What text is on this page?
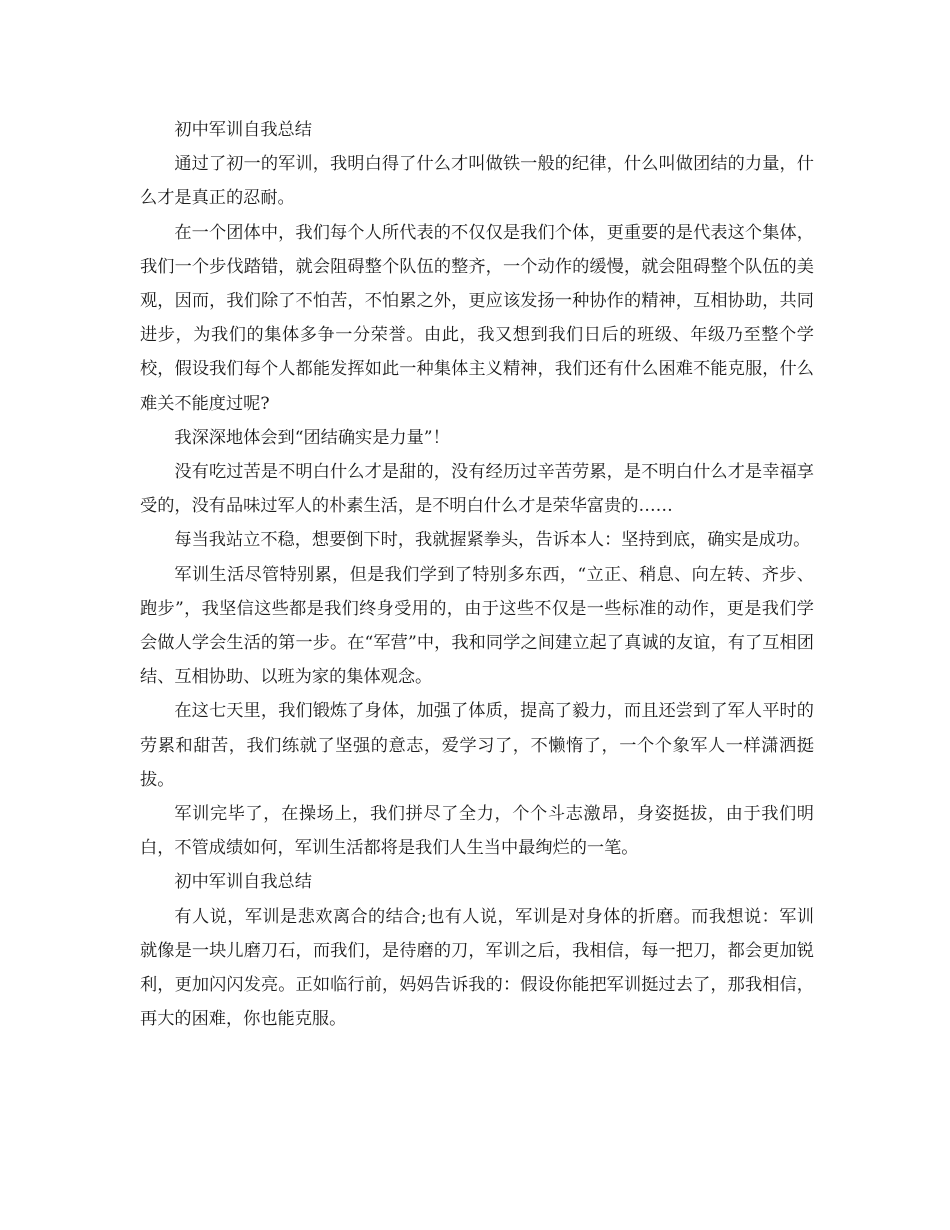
初中军训自我总结

通过了初一的军训，我明白得了什么才叫做铁一般的纪律，什么叫做团结的力量，什么才是真正的忍耐。

在一个团体中，我们每个人所代表的不仅仅是我们个体，更重要的是代表这个集体，我们一个步伐踏错，就会阻碍整个队伍的整齐，一个动作的缓慢，就会阻碍整个队伍的美观，因而，我们除了不怕苦，不怕累之外，更应该发扬一种协作的精神，互相协助，共同进步，为我们的集体多争一分荣誉。由此，我又想到我们日后的班级、年级乃至整个学校，假设我们每个人都能发挥如此一种集体主义精神，我们还有什么困难不能克服，什么难关不能度过呢?

我深深地体会到“团结确实是力量”！

没有吃过苦是不明白什么才是甜的，没有经历过辛苦劳累，是不明白什么才是幸福享受的，没有品味过军人的朴素生活，是不明白什么才是荣华富贵的……

每当我站立不稳，想要倒下时，我就握紧拳头，告诉本人：坚持到底，确实是成功。

军训生活尽管特别累，但是我们学到了特别多东西，“立正、稍息、向左转、齐步、跑步”，我坚信这些都是我们终身受用的，由于这些不仅是一些标准的动作，更是我们学会做人学会生活的第一步。在“军营”中，我和同学之间建立起了真诚的友谊，有了互相团结、互相协助、以班为家的集体观念。

在这七天里，我们锻炼了身体，加强了体质，提高了毅力，而且还尝到了军人平时的劳累和甜苦，我们练就了坚强的意志，爱学习了，不懒惰了，一个个象军人一样潇洒挺拔。

军训完毕了，在操场上，我们拼尽了全力，个个斗志激昂，身姿挺拔，由于我们明白，不管成绩如何，军训生活都将是我们人生当中最绚烂的一笔。

初中军训自我总结

有人说，军训是悲欢离合的结合;也有人说，军训是对身体的折磨。而我想说：军训就像是一块儿磨刀石，而我们，是待磨的刀，军训之后，我相信，每一把刀，都会更加锐利，更加闪闪发亮。正如临行前，妈妈告诉我的：假设你能把军训挺过去了，那我相信，再大的困难，你也能克服。
